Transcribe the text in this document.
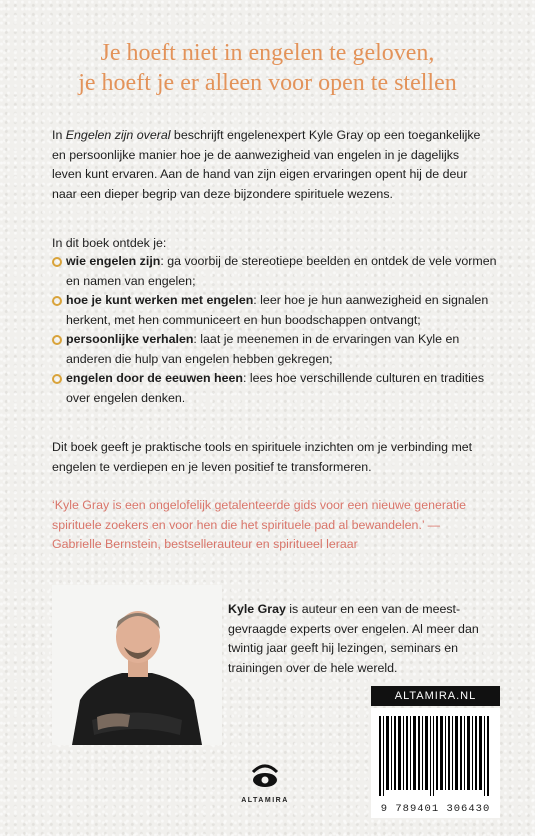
Je hoeft niet in engelen te geloven,
je hoeft je er alleen voor open te stellen

In Engelen zijn overal beschrijft engelenexpert Kyle Gray op een toegankelijke en persoonlijke manier hoe je de aanwezigheid van engelen in je dagelijks leven kunt ervaren. Aan de hand van zijn eigen ervaringen opent hij de deur naar een dieper begrip van deze bijzondere spirituele wezens.

In dit boek ontdek je:

wie engelen zijn: ga voorbij de stereotiepe beelden en ontdek de vele vormen en namen van engelen;
hoe je kunt werken met engelen: leer hoe je hun aanwezigheid en signalen herkent, met hen communiceert en hun boodschappen ontvangt;
persoonlijke verhalen: laat je meenemen in de ervaringen van Kyle en anderen die hulp van engelen hebben gekregen;
engelen door de eeuwen heen: lees hoe verschillende culturen en tradities over engelen denken.

Dit boek geeft je praktische tools en spirituele inzichten om je verbinding met engelen te verdiepen en je leven positief te transformeren.

‘Kyle Gray is een ongelofelijk getalenteerde gids voor een nieuwe generatie spirituele zoekers en voor hen die het spirituele pad al bewandelen.’ — Gabrielle Bernstein, bestsellerauteur en spiritueel leraar

Kyle Gray is auteur en een van de meestgevraagde experts over engelen. Al meer dan twintig jaar geeft hij lezingen, seminars en trainingen over de hele wereld.

ALTAMIRA.NL
9 789401 306430
ALTAMIRA
